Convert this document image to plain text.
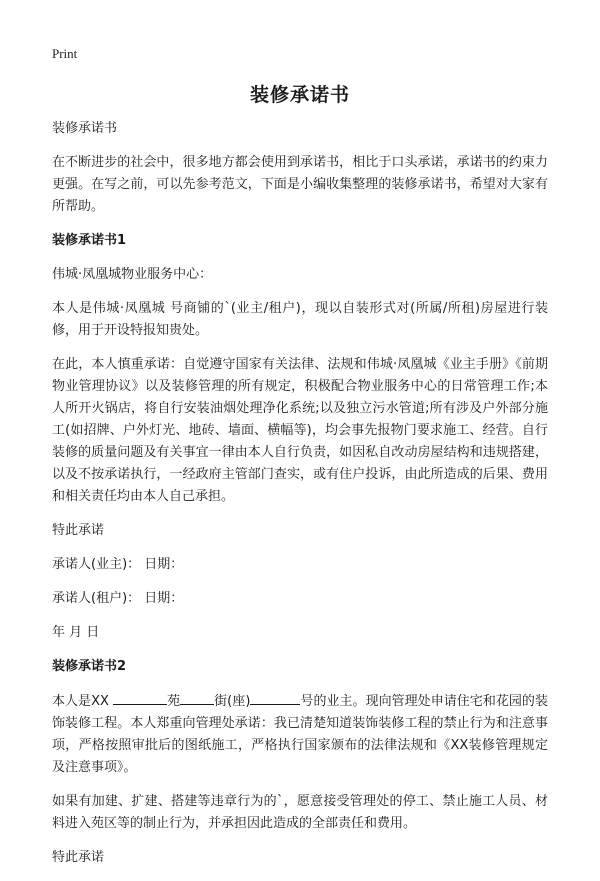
Print
装修承诺书

装修承诺书

在不断进步的社会中，很多地方都会使用到承诺书，相比于口头承诺，承诺书的约束力更强。在写之前，可以先参考范文，下面是小编收集整理的装修承诺书，希望对大家有所帮助。

装修承诺书1

伟城·凤凰城物业服务中心：

本人是伟城·凤凰城 号商铺的`(业主/租户)，现以自装形式对(所属/所租)房屋进行装修，用于开设特报知贵处。

在此，本人慎重承诺：自觉遵守国家有关法律、法规和伟城·凤凰城《业主手册》《前期物业管理协议》以及装修管理的所有规定，积极配合物业服务中心的日常管理工作;本人所开火锅店，将自行安装油烟处理净化系统;以及独立污水管道;所有涉及户外部分施工(如招牌、户外灯光、地砖、墙面、横幅等)，均会事先报物门要求施工、经营。自行装修的质量问题及有关事宜一律由本人自行负责，如因私自改动房屋结构和违规搭建，以及不按承诺执行，一经政府主管部门查实，或有住户投诉，由此所造成的后果、费用和相关责任均由本人自己承担。

特此承诺

承诺人(业主)： 日期：

承诺人(租户)： 日期：

年 月 日

装修承诺书2

本人是XX	苑	街(座)	号的业主。现向管理处申请住宅和花园的装饰装修工程。本人郑重向管理处承诺：我已清楚知道装饰装修工程的禁止行为和注意事项，严格按照审批后的图纸施工，严格执行国家颁布的法律法规和《XX装修管理规定及注意事项》。

如果有加建、扩建、搭建等违章行为的`，愿意接受管理处的停工、禁止施工人员、材料进入苑区等的制止行为，并承担因此造成的全部责任和费用。

特此承诺
